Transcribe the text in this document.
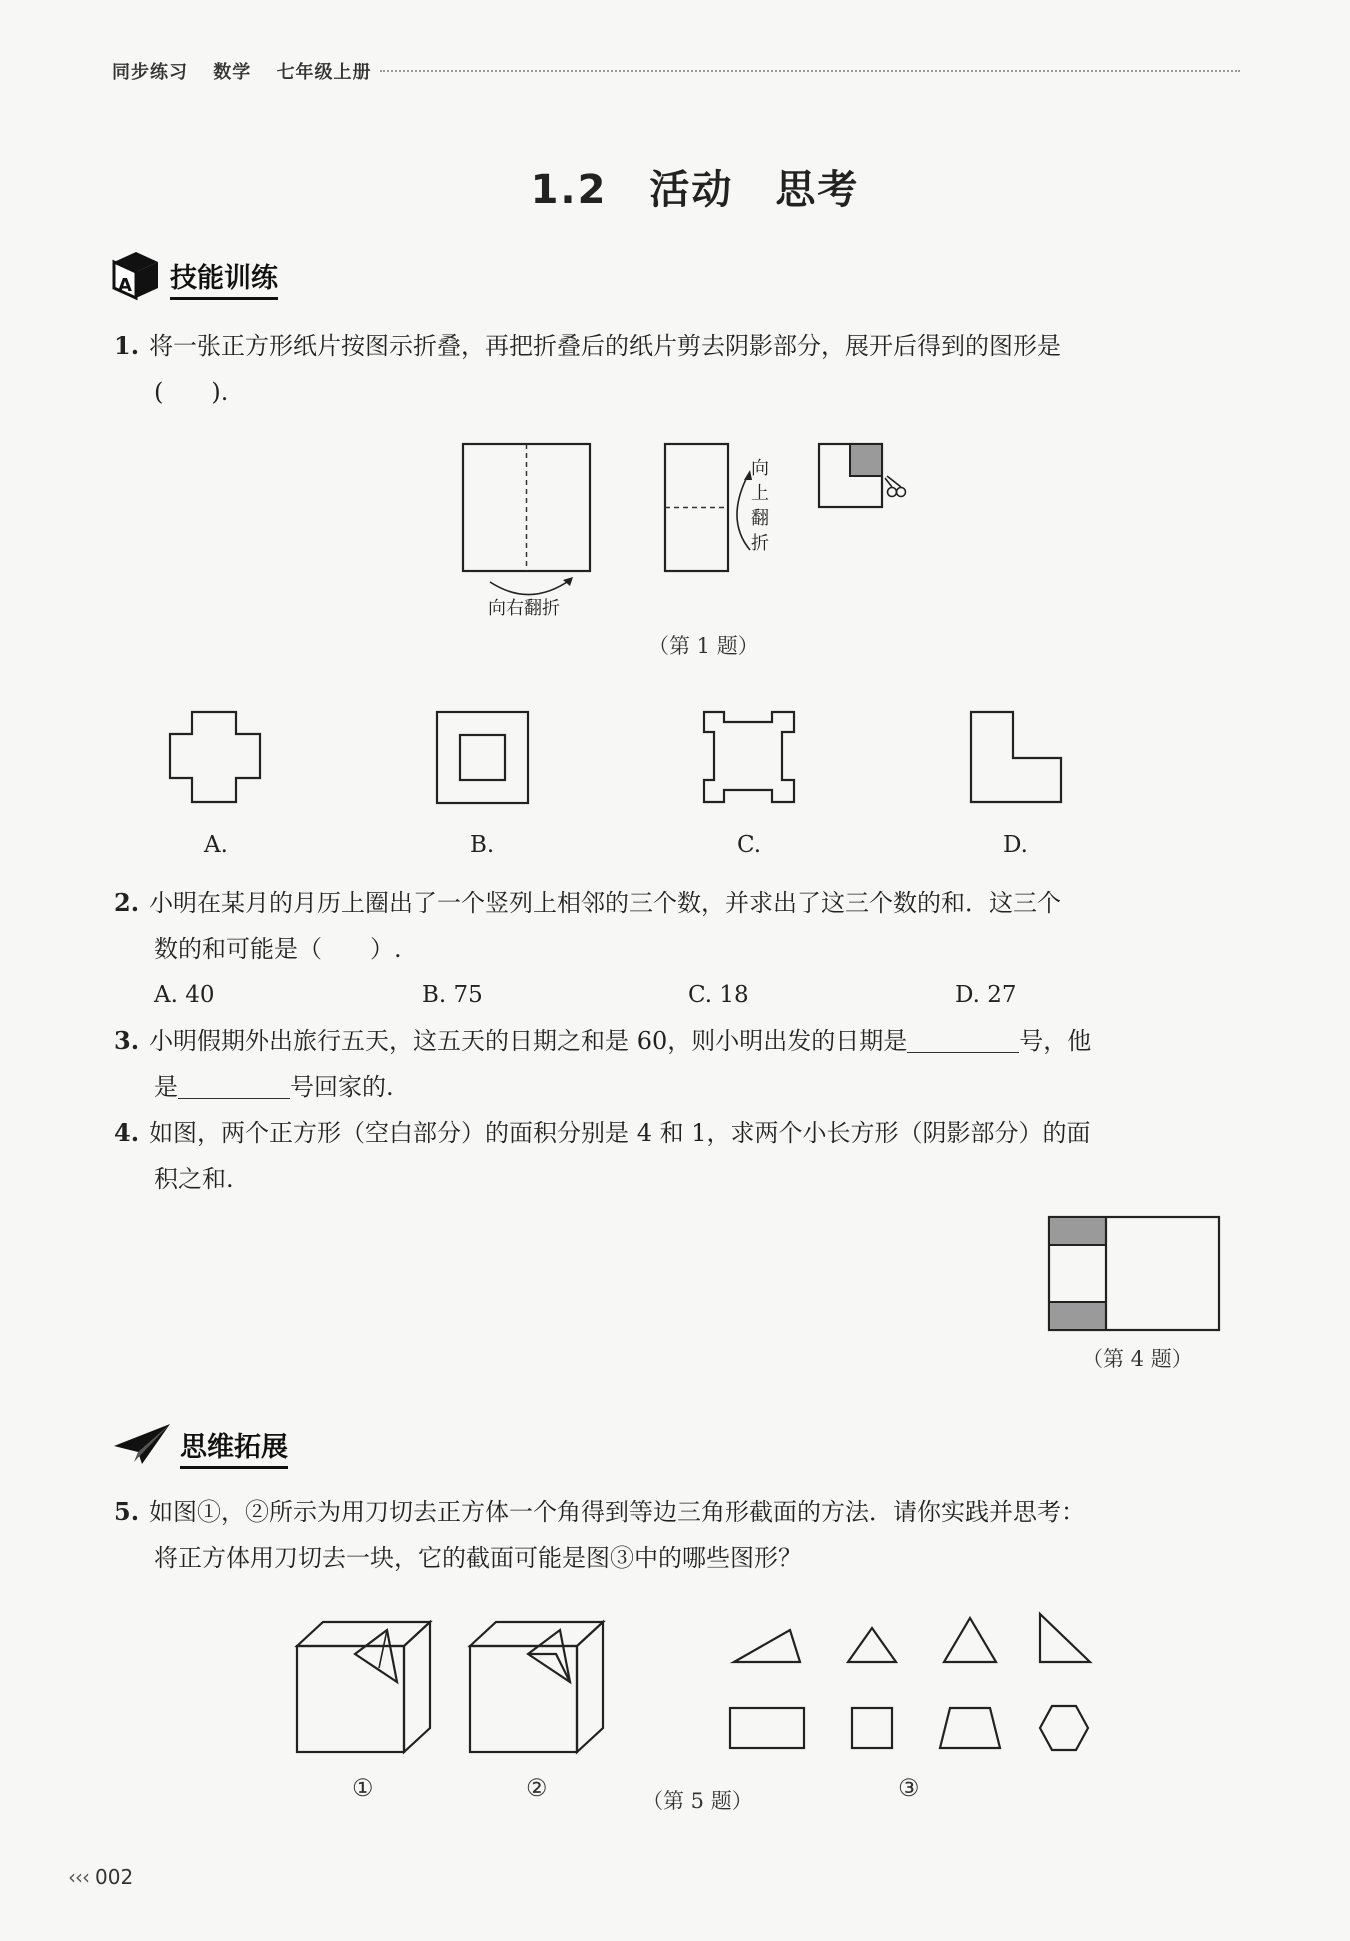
同步练习 数学 七年级上册
1.2　活动　思考
A 技能训练
1. 将一张正方形纸片按图示折叠，再把折叠后的纸片剪去阴影部分，展开后得到的图形是
(　　).
向右翻折
向
上
翻
折
（第 1 题）
A.	B.	C.	D.
2. 小明在某月的月历上圈出了一个竖列上相邻的三个数，并求出了这三个数的和．这三个
数的和可能是（　　）.
A. 40	B. 75	C. 18	D. 27
3. 小明假期外出旅行五天，这五天的日期之和是 60，则小明出发的日期是	号，他
是	号回家的.
4. 如图，两个正方形（空白部分）的面积分别是 4 和 1，求两个小长方形（阴影部分）的面
积之和.
（第 4 题）
思维拓展
5. 如图①，②所示为用刀切去正方体一个角得到等边三角形截面的方法．请你实践并思考：
将正方体用刀切去一块，它的截面可能是图③中的哪些图形？
①	②	③
（第 5 题）
‹‹‹ 002
